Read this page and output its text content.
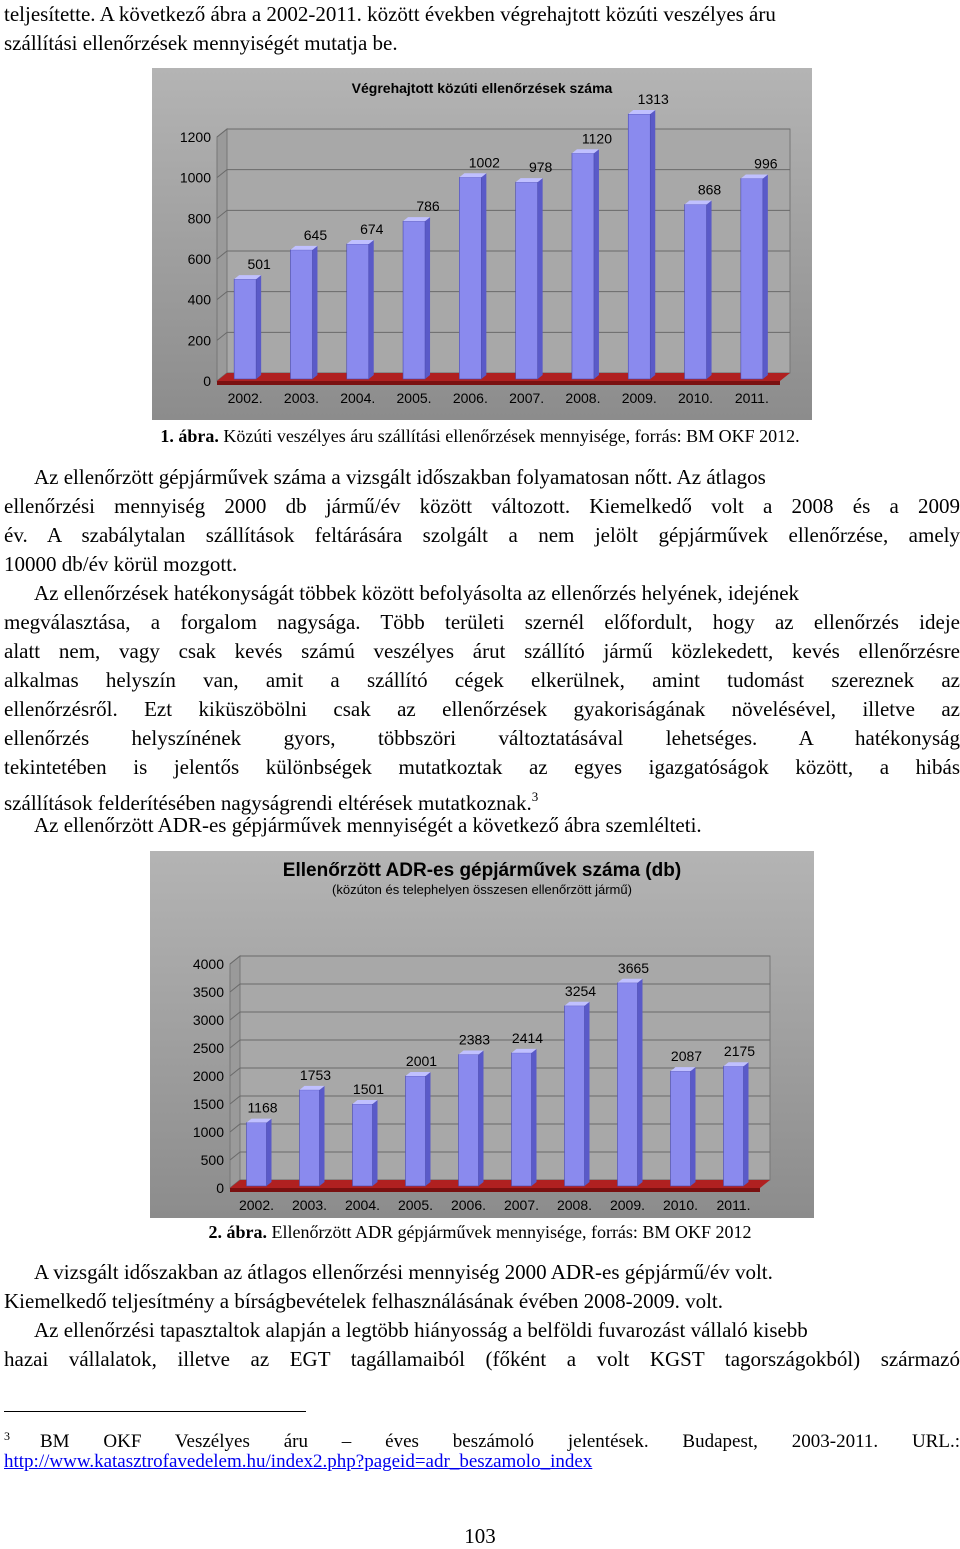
teljesítette. A következő ábra a 2002-2011. között években végrehajtott közúti veszélyes áru
szállítási ellenőrzések mennyiségét mutatja be.
Végrehajtott közúti ellenőrzések száma
0
200
400
600
800
1000
1200
501
2002.
645
2003.
674
2004.
786
2005.
1002
2006.
978
2007.
1120
2008.
1313
2009.
868
2010.
996
2011.
1. ábra. Közúti veszélyes áru szállítási ellenőrzések mennyisége, forrás: BM OKF 2012.
Az ellenőrzött gépjárművek száma a vizsgált időszakban folyamatosan nőtt. Az átlagos
ellenőrzési mennyiség 2000 db jármű/év között változott. Kiemelkedő volt a 2008 és a 2009
év. A szabálytalan szállítások feltárására szolgált a nem jelölt gépjárművek ellenőrzése, amely
10000 db/év körül mozgott.
Az ellenőrzések hatékonyságát többek között befolyásolta az ellenőrzés helyének, idejének
megválasztása, a forgalom nagysága. Több területi szernél előfordult, hogy az ellenőrzés ideje
alatt nem, vagy csak kevés számú veszélyes árut szállító jármű közlekedett, kevés ellenőrzésre
alkalmas helyszín van, amit a szállító cégek elkerülnek, amint tudomást szereznek az
ellenőrzésről. Ezt kiküszöbölni csak az ellenőrzések gyakoriságának növelésével, illetve az
ellenőrzés helyszínének gyors, többszöri változtatásával lehetséges. A hatékonyság
tekintetében is jelentős különbségek mutatkoztak az egyes igazgatóságok között, a hibás
szállítások felderítésében nagyságrendi eltérések mutatkoznak.$^3$
Az ellenőrzött ADR-es gépjárművek mennyiségét a következő ábra szemlélteti.
Ellenőrzött ADR-es gépjárművek száma (db)
(közúton és telephelyen összesen ellenőrzött jármű)
0
500
1000
1500
2000
2500
3000
3500
4000
1168
2002.
1753
2003.
1501
2004.
2001
2005.
2383
2006.
2414
2007.
3254
2008.
3665
2009.
2087
2010.
2175
2011.
2. ábra. Ellenőrzött ADR gépjárművek mennyisége, forrás: BM OKF 2012
A vizsgált időszakban az átlagos ellenőrzési mennyiség 2000 ADR-es gépjármű/év volt.
Kiemelkedő teljesítmény a bírságbevételek felhasználásának évében 2008-2009. volt.
Az ellenőrzési tapasztaltok alapján a legtöbb hiányosság a belföldi fuvarozást vállaló kisebb
hazai vállalatok, illetve az EGT tagállamaiból (főként a volt KGST tagországokból) származó
$^3$ BM OKF Veszélyes áru – éves beszámoló jelentések. Budapest, 2003-2011. URL.:
http://www.katasztrofavedelem.hu/index2.php?pageid=adr_beszamolo_index
103
